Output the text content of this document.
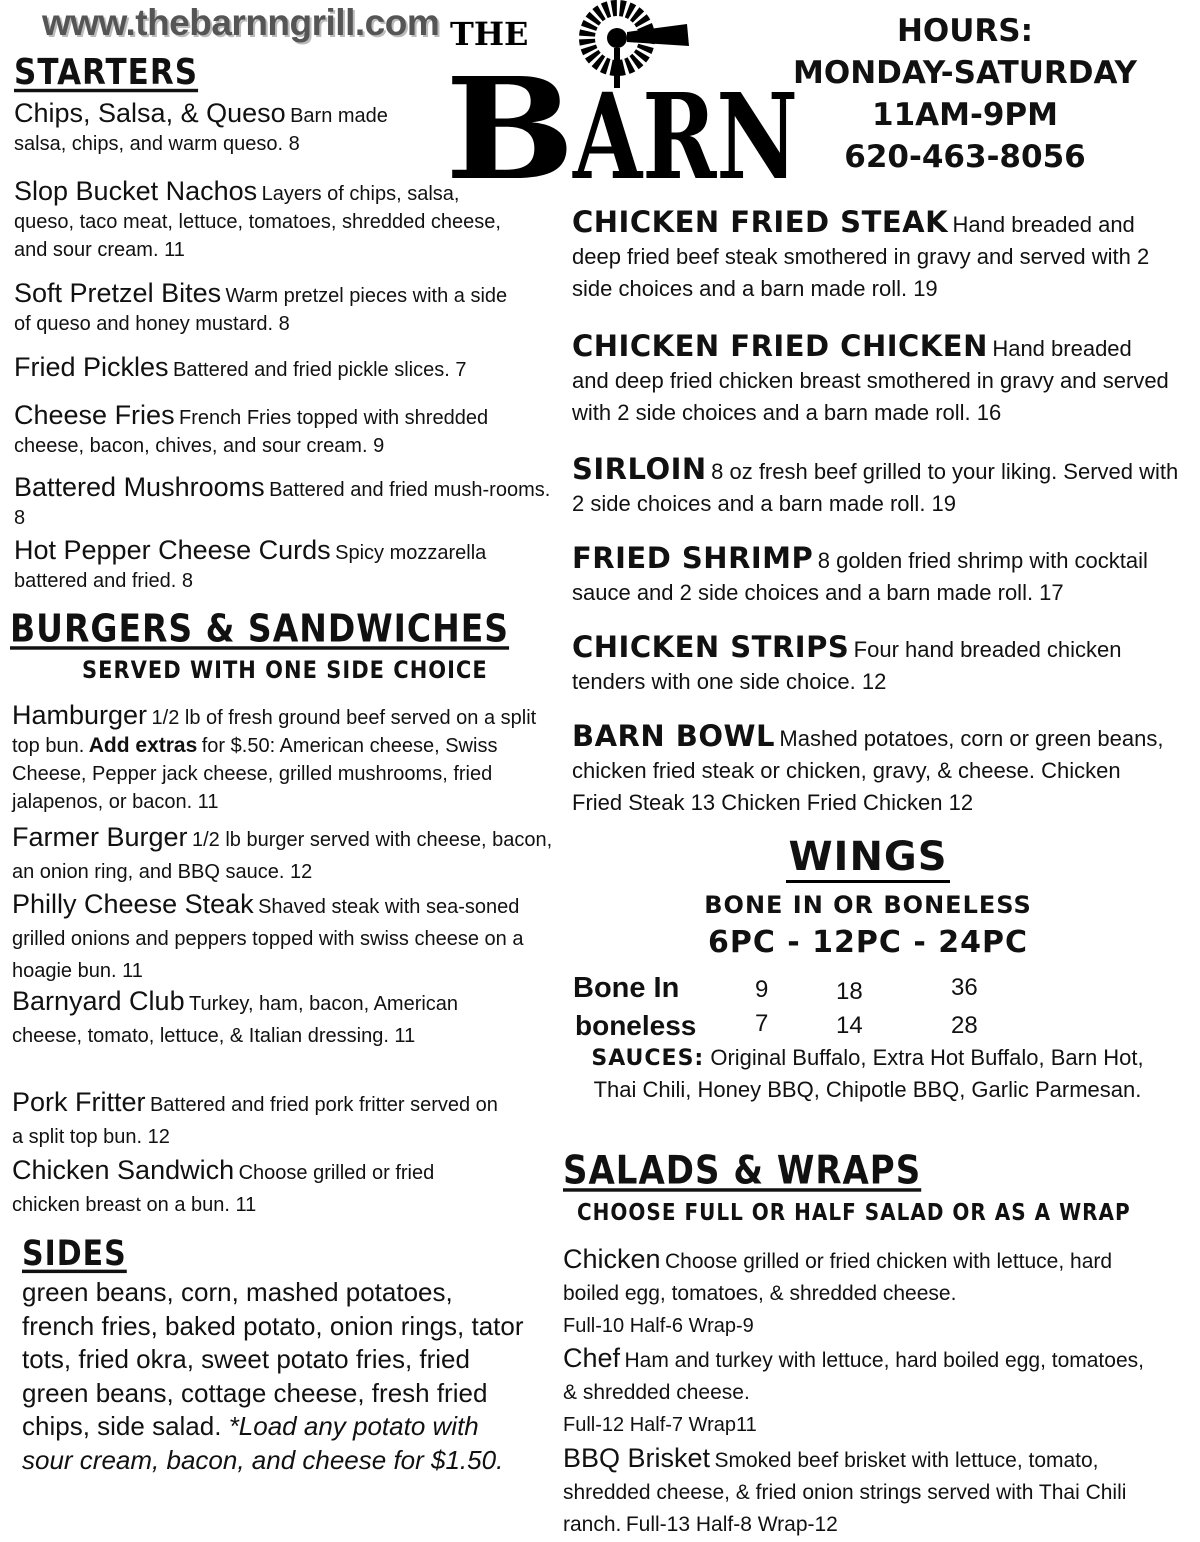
www.thebarnngrill.com THE
B
ARN
HOURS:
MONDAY-SATURDAY
11AM-9PM
620-463-8056
STARTERS
Chips, Salsa, & Queso Barn made salsa, chips, and warm queso. 8
Slop Bucket Nachos Layers of chips, salsa, queso, taco meat, lettuce, tomatoes, shredded cheese, and sour cream. 11
Soft Pretzel Bites Warm pretzel pieces with a side of queso and honey mustard. 8
Fried Pickles Battered and fried pickle slices. 7
Cheese Fries French Fries topped with shredded cheese, bacon, chives, and sour cream. 9
Battered Mushrooms Battered and fried mush-rooms. 8
Hot Pepper Cheese Curds Spicy mozzarella battered and fried. 8
BURGERS & SANDWICHES
SERVED WITH ONE SIDE CHOICE
Hamburger 1/2 lb of fresh ground beef served on a split top bun. Add extras for $.50: American cheese, Swiss Cheese, Pepper jack cheese, grilled mushrooms, fried jalapenos, or bacon. 11
Farmer Burger 1/2 lb burger served with cheese, bacon, an onion ring, and BBQ sauce. 12
Philly Cheese Steak Shaved steak with sea-soned grilled onions and peppers topped with swiss cheese on a hoagie bun. 11
Barnyard Club Turkey, ham, bacon, American cheese, tomato, lettuce, & Italian dressing. 11
Pork Fritter Battered and fried pork fritter served on a split top bun. 12
Chicken Sandwich Choose grilled or fried chicken breast on a bun. 11
SIDES
green beans, corn, mashed potatoes, french fries, baked potato, onion rings, tator tots, fried okra, sweet potato fries, fried green beans, cottage cheese, fresh fried chips, side salad. *Load any potato with sour cream, bacon, and cheese for $1.50.
CHICKEN FRIED STEAK Hand breaded and deep fried beef steak smothered in gravy and served with 2 side choices and a barn made roll. 19
CHICKEN FRIED CHICKEN Hand breaded and deep fried chicken breast smothered in gravy and served with 2 side choices and a barn made roll. 16
SIRLOIN 8 oz fresh beef grilled to your liking. Served with 2 side choices and a barn made roll. 19
FRIED SHRIMP 8 golden fried shrimp with cocktail sauce and 2 side choices and a barn made roll. 17
CHICKEN STRIPS Four hand breaded chicken tenders with one side choice. 12
BARN BOWL Mashed potatoes, corn or green beans, chicken fried steak or chicken, gravy, & cheese. Chicken Fried Steak 13 Chicken Fried Chicken 12
WINGS
BONE IN OR BONELESS
6PC - 12PC - 24PC
Bone In	9	18	36
boneless 7	14	28
SAUCES: Original Buffalo, Extra Hot Buffalo, Barn Hot, Thai Chili, Honey BBQ, Chipotle BBQ, Garlic Parmesan.
SALADS & WRAPS
CHOOSE FULL OR HALF SALAD OR AS A WRAP
Chicken Choose grilled or fried chicken with lettuce, hard boiled egg, tomatoes, & shredded cheese.
Full-10 Half-6 Wrap-9
Chef Ham and turkey with lettuce, hard boiled egg, tomatoes, & shredded cheese.
Full-12 Half-7 Wrap11
BBQ Brisket Smoked beef brisket with lettuce, tomato, shredded cheese, & fried onion strings served with Thai Chili ranch. Full-13 Half-8 Wrap-12
